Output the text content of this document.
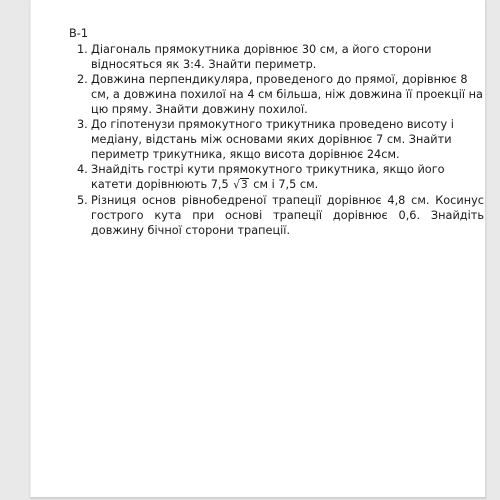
В-1
1. Діагональ прямокутника дорівнює 30 см, а його сторони відносяться як 3:4. Знайти периметр.
2. Довжина перпендикуляра, проведеного до прямої, дорівнює 8 см, а довжина похилої на 4 см більша, ніж довжина її проекції на цю пряму. Знайти довжину похилої.
3. До гіпотенузи прямокутного трикутника проведено висоту і медіану, відстань між основами яких дорівнює 7 см. Знайти периметр трикутника, якщо висота дорівнює 24см.
4. Знайдіть гострі кути прямокутного трикутника, якщо його катети дорівнюють 7,5 √3 см і 7,5 см.
5. Різниця основ рівнобедреної трапеції дорівнює 4,8 см. Косинус гострого кута при основі трапеції дорівнює 0,6. Знайдіть довжину бічної сторони трапеції.
